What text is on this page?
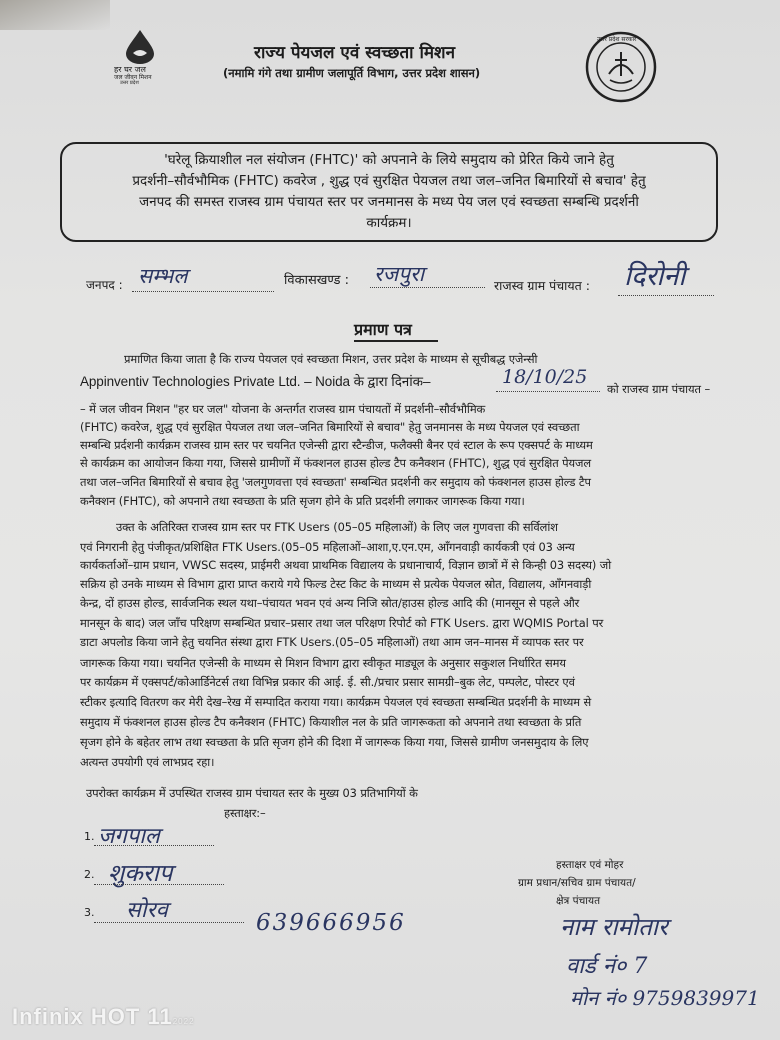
हर घर जल
जल जीवन मिशन
उत्तर प्रदेश
राज्य पेयजल एवं स्वच्छता मिशन
(नमामि गंगे तथा ग्रामीण जलापूर्ति विभाग, उत्तर प्रदेश शासन)
उत्तर प्रदेश सरकार
'घरेलू क्रियाशील नल संयोजन (FHTC)' को अपनाने के लिये समुदाय को प्रेरित किये जाने हेतु
प्रदर्शनी–सौर्वभौमिक (FHTC) कवरेज , शुद्ध एवं सुरक्षित पेयजल तथा जल–जनित बिमारियों से बचाव' हेतु
जनपद की समस्त राजस्व ग्राम पंचायत स्तर पर जनमानस के मध्य पेय जल एवं स्वच्छता सम्बन्धि प्रदर्शनी
कार्यक्रम।
जनपद : सम्भल	विकासखण्ड : रजपुरा	राजस्व ग्राम पंचायत : दिरोनी
प्रमाण पत्र
प्रमाणित किया जाता है कि राज्य पेयजल एवं स्वच्छता मिशन, उत्तर प्रदेश के माध्यम से सूचीबद्ध एजेन्सी
Appinventiv Technologies Private Ltd. – Noida के द्वारा दिनांक–	18/10/25
को राजस्व ग्राम पंचायत –
– में जल जीवन मिशन "हर घर जल" योजना के अन्तर्गत राजस्व ग्राम पंचायतों में प्रदर्शनी–सौर्वभौमिक
(FHTC) कवरेज, शुद्ध एवं सुरक्षित पेयजल तथा जल–जनित बिमारियों से बचाव" हेतु जनमानस के मध्य पेयजल एवं स्वच्छता
सम्बन्धि प्रर्दशनी कार्यक्रम राजस्व ग्राम स्तर पर चयनित एजेन्सी द्वारा स्टैन्डीज, फलैक्सी बैनर एवं स्टाल के रूप एक्सपर्ट के माध्यम
से कार्यक्रम का आयोजन किया गया, जिससे ग्रामीणों में फंक्शनल हाउस होल्ड टैप कनैक्शन (FHTC), शुद्ध एवं सुरक्षित पेयजल
तथा जल–जनित बिमारियों से बचाव हेतु 'जलगुणवत्ता एवं स्वच्छता' सम्बन्धित प्रदर्शनी कर समुदाय को फंक्शनल हाउस होल्ड टैप
कनैक्शन (FHTC), को अपनाने तथा स्वच्छता के प्रति सृजग होने के प्रति प्रदर्शनी लगाकर जागरूक किया गया।
उक्त के अतिरिक्त राजस्व ग्राम स्तर पर FTK Users (05–05 महिलाओं) के लिए जल गुणवत्ता की सर्विलांश
एवं निगरानी हेतु पंजीकृत/प्रशिक्षित FTK Users.(05–05 महिलाओं–आशा,ए.एन.एम, आँगनवाड़ी कार्यकत्री एवं 03 अन्य
कार्यकर्ताओं–ग्राम प्रधान, VWSC सदस्य, प्राईमरी अथवा प्राथमिक विद्यालय के प्रधानाचार्य, विज्ञान छात्रों में से किन्ही 03 सदस्य) जो
सक्रिय हो उनके माध्यम से विभाग द्वारा प्राप्त कराये गये फिल्ड टेस्ट किट के माध्यम से प्रत्येक पेयजल स्रोत, विद्यालय, आँगनवाड़ी
केन्द्र, दों हाउस होल्ड, सार्वजनिक स्थल यथा–पंचायत भवन एवं अन्य निजि स्रोत/हाउस होल्ड आदि की (मानसून से पहले और
मानसून के बाद) जल जाँच परिक्षण सम्बन्धित प्रचार–प्रसार तथा जल परिक्षण रिपोर्ट को FTK Users. द्वारा WQMIS Portal पर
डाटा अपलोड किया जाने हेतु चयनित संस्था द्वारा FTK Users.(05–05 महिलाओं) तथा आम जन–मानस में व्यापक स्तर पर
जागरूक किया गया। चयनित एजेन्सी के माध्यम से मिशन विभाग द्वारा स्वीकृत माड्यूल के अनुसार सकुशल निर्धारित समय
पर कार्यक्रम में एक्सपर्ट/कोआर्डिनेटर्स तथा विभिन्न प्रकार की आई. ई. सी./प्रचार प्रसार सामग्री–बुक लेट, पम्पलेट, पोस्टर एवं
स्टीकर इत्यादि वितरण कर मेरी देख–रेख में सम्पादित कराया गया। कार्यक्रम पेयजल एवं स्वच्छता सम्बन्धित प्रदर्शनी के माध्यम से
समुदाय में फंक्शनल हाउस होल्ड टैप कनैक्शन (FHTC) कियाशील नल के प्रति जागरूकता को अपनाने तथा स्वच्छता के प्रति
सृजग होने के बहेतर लाभ तथा स्वच्छता के प्रति सृजग होने की दिशा में जागरूक किया गया, जिससे ग्रामीण जनसमुदाय के लिए
अत्यन्त उपयोगी एवं लाभप्रद रहा।
उपरोक्त कार्यक्रम में उपस्थित राजस्व ग्राम पंचायत स्तर के मुख्य 03 प्रतिभागियों के
हस्ताक्षर:–
1. जगपाल
2. शुकराप
3. सोरव	639666956
हस्ताक्षर एवं मोहर
ग्राम प्रधान/सचिव ग्राम पंचायत/
क्षेत्र पंचायत
नाम रामोतार
वार्ड नं० 7
मोन नं० 9759839971
Infinix HOT 112022
